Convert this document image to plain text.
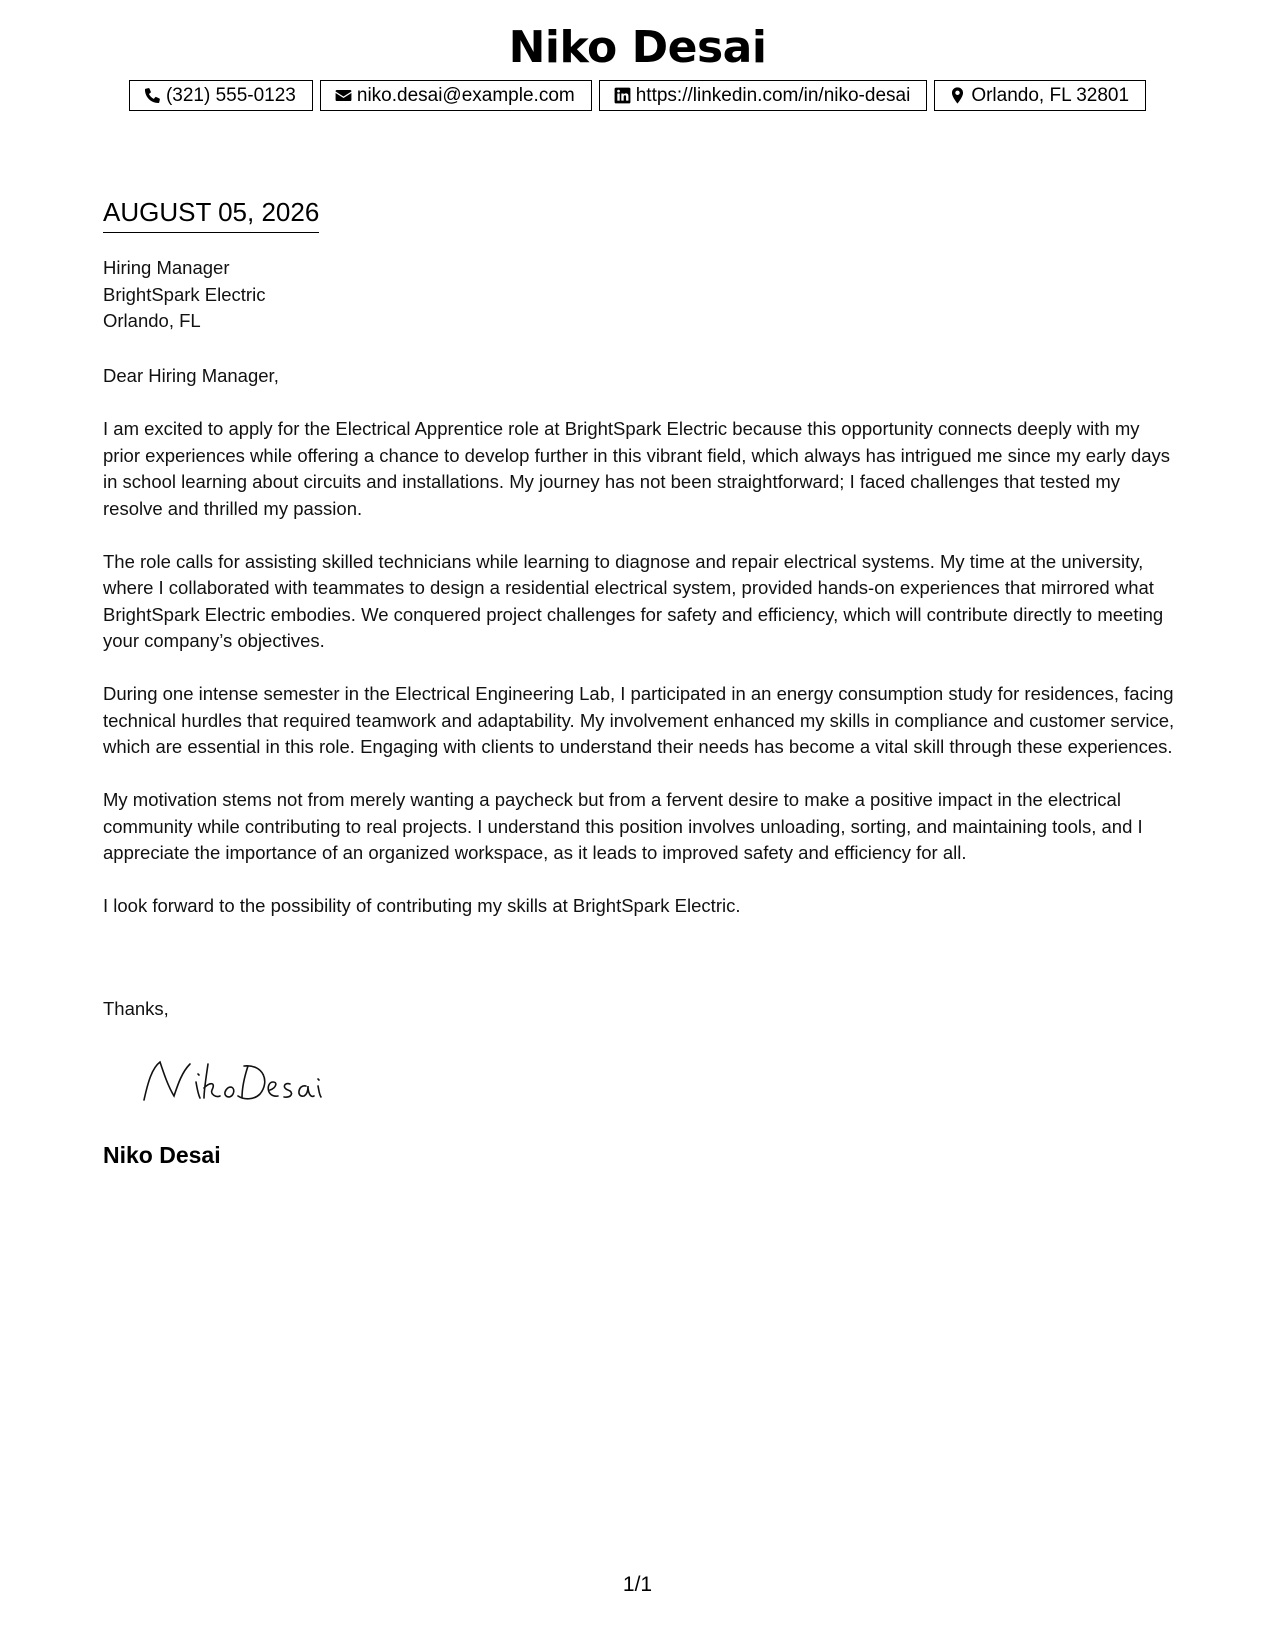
Niko Desai
(321) 555-0123	niko.desai@example.com	https://linkedin.com/in/niko-desai	Orlando, FL 32801
AUGUST 05, 2026
Hiring Manager
BrightSpark Electric
Orlando, FL

Dear Hiring Manager,

I am excited to apply for the Electrical Apprentice role at BrightSpark Electric because this opportunity connects deeply with my prior experiences while offering a chance to develop further in this vibrant field, which always has intrigued me since my early days in school learning about circuits and installations. My journey has not been straightforward; I faced challenges that tested my resolve and thrilled my passion.

The role calls for assisting skilled technicians while learning to diagnose and repair electrical systems. My time at the university, where I collaborated with teammates to design a residential electrical system, provided hands-on experiences that mirrored what BrightSpark Electric embodies. We conquered project challenges for safety and efficiency, which will contribute directly to meeting your company’s objectives.

During one intense semester in the Electrical Engineering Lab, I participated in an energy consumption study for residences, facing technical hurdles that required teamwork and adaptability. My involvement enhanced my skills in compliance and customer service, which are essential in this role. Engaging with clients to understand their needs has become a vital skill through these experiences.

My motivation stems not from merely wanting a paycheck but from a fervent desire to make a positive impact in the electrical community while contributing to real projects. I understand this position involves unloading, sorting, and maintaining tools, and I appreciate the importance of an organized workspace, as it leads to improved safety and efficiency for all.

I look forward to the possibility of contributing my skills at BrightSpark Electric.

Thanks,
Niko Desai
1/1
